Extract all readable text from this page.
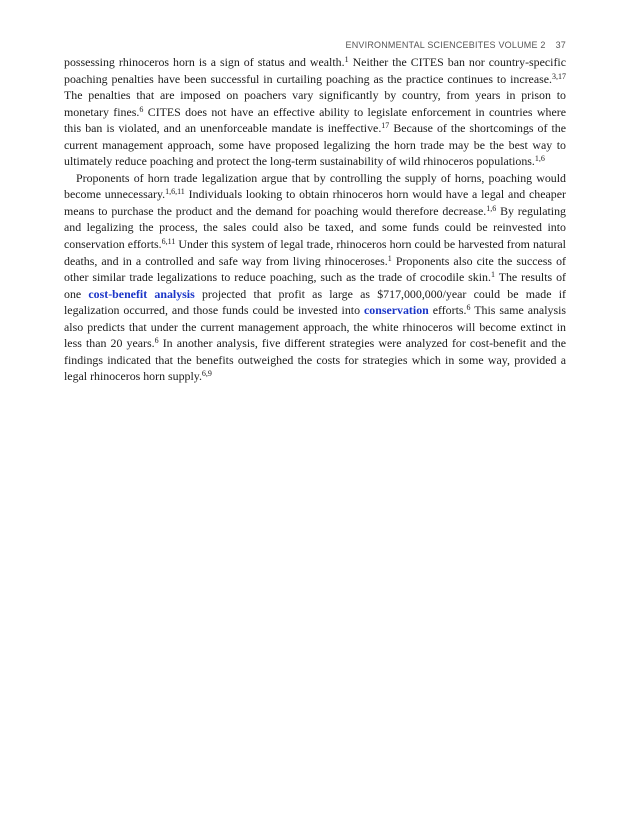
ENVIRONMENTAL SCIENCEBITES VOLUME 2 37

possessing rhinoceros horn is a sign of status and wealth.$^1$ Neither the CITES ban nor country-specific poaching penalties have been successful in curtailing poaching as the practice continues to increase.$^{3,17}$ The penalties that are imposed on poachers vary significantly by country, from years in prison to monetary fines.$^6$ CITES does not have an effective ability to legislate enforcement in countries where this ban is violated, and an unenforceable mandate is ineffective.$^{17}$ Because of the shortcomings of the current management approach, some have proposed legalizing the horn trade may be the best way to ultimately reduce poaching and protect the long-term sustainability of wild rhinoceros populations.$^{1,6}$

Proponents of horn trade legalization argue that by controlling the supply of horns, poaching would become unnecessary.$^{1,6,11}$ Individuals looking to obtain rhinoceros horn would have a legal and cheaper means to purchase the product and the demand for poaching would therefore decrease.$^{1,6}$ By regulating and legalizing the process, the sales could also be taxed, and some funds could be reinvested into conservation efforts.$^{6,11}$ Under this system of legal trade, rhinoceros horn could be harvested from natural deaths, and in a controlled and safe way from living rhinoceroses.$^1$ Proponents also cite the success of other similar trade legalizations to reduce poaching, such as the trade of crocodile skin.$^1$ The results of one cost-benefit analysis projected that profit as large as $717,000,000/year could be made if legalization occurred, and those funds could be invested into conservation efforts.$^6$ This same analysis also predicts that under the current management approach, the white rhinoceros will become extinct in less than 20 years.$^6$ In another analysis, five different strategies were analyzed for cost-benefit and the findings indicated that the benefits outweighed the costs for strategies which in some way, provided a legal rhinoceros horn supply.$^{6,9}$
